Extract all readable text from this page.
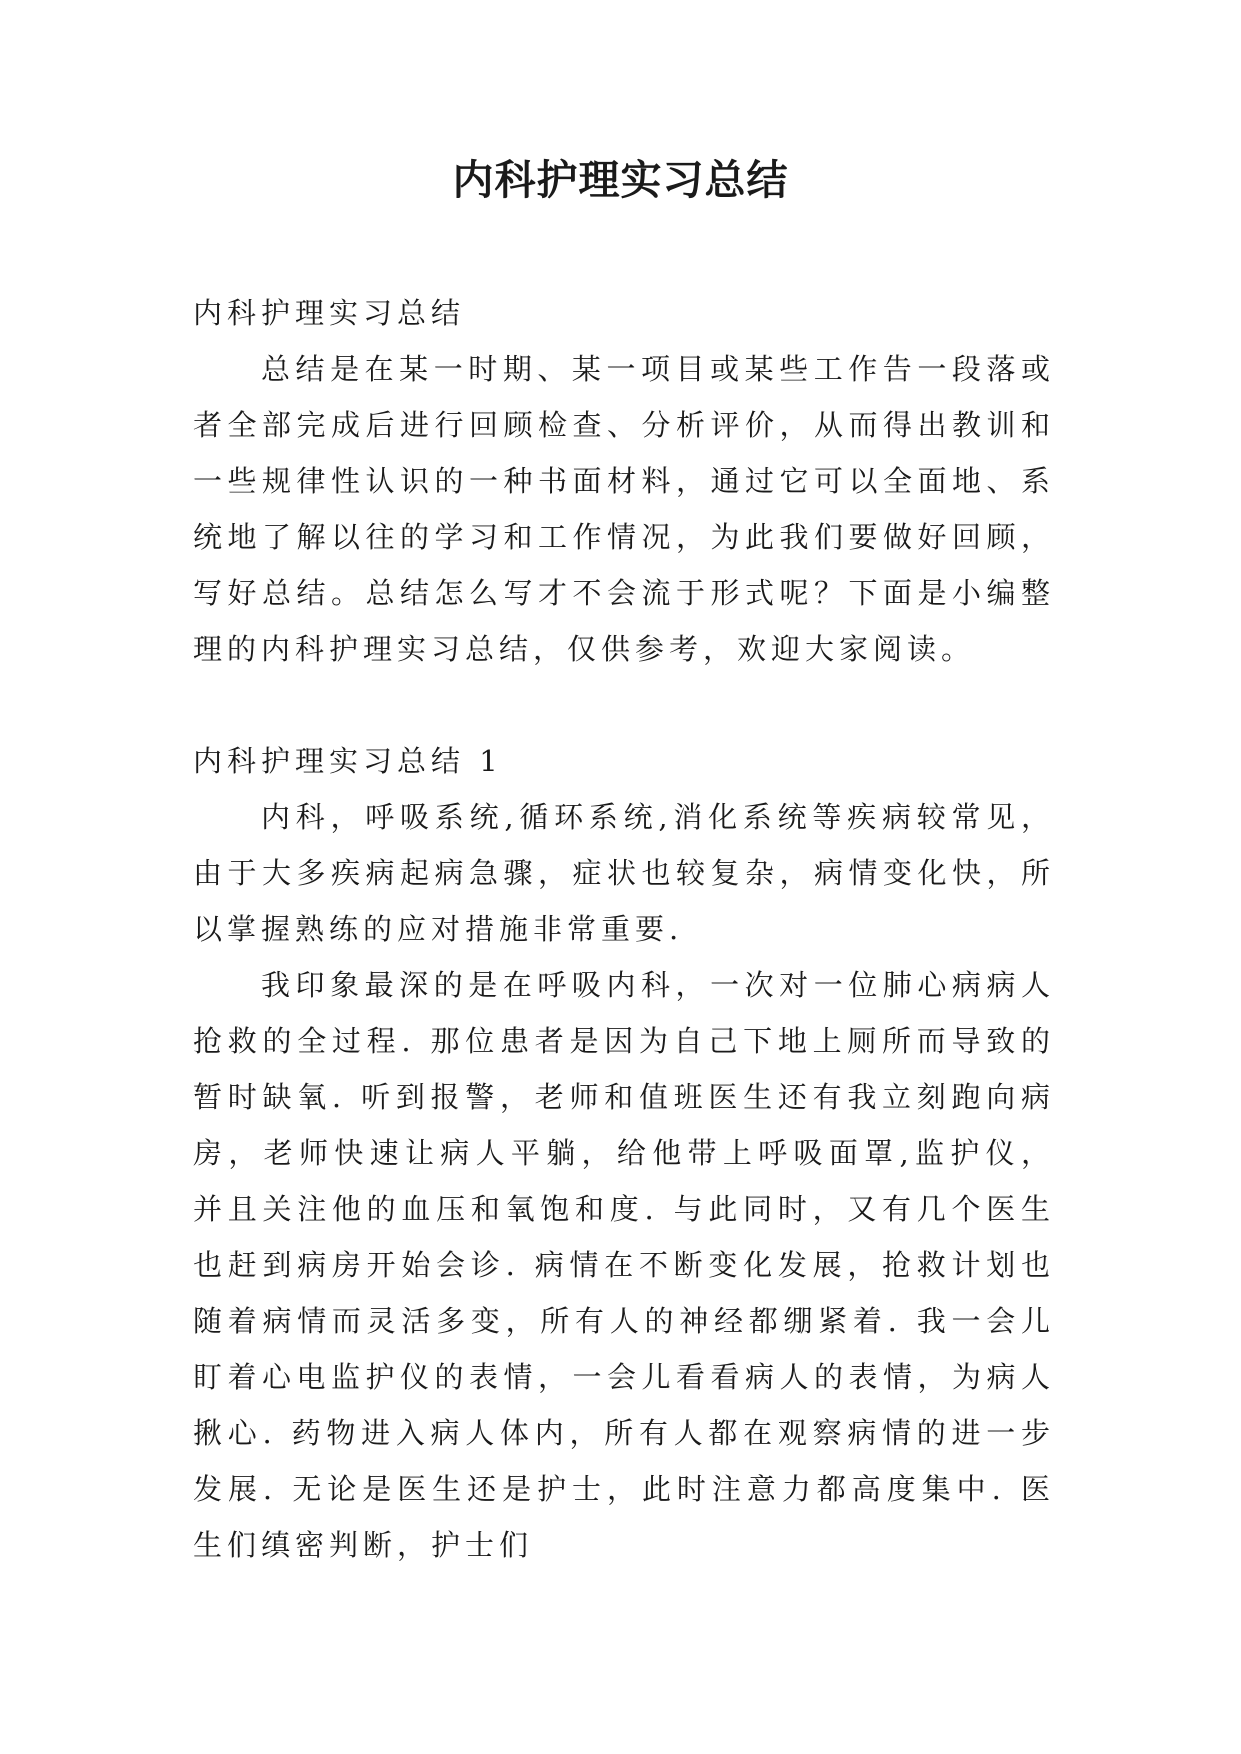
内科护理实习总结

内科护理实习总结

总结是在某一时期、某一项目或某些工作告一段落或者全部完成后进行回顾检查、分析评价，从而得出教训和一些规律性认识的一种书面材料，通过它可以全面地、系统地了解以往的学习和工作情况，为此我们要做好回顾，写好总结。总结怎么写才不会流于形式呢？下面是小编整理的内科护理实习总结，仅供参考，欢迎大家阅读。

内科护理实习总结 1

内科，呼吸系统,循环系统,消化系统等疾病较常见，由于大多疾病起病急骤，症状也较复杂，病情变化快，所以掌握熟练的应对措施非常重要.

我印象最深的是在呼吸内科，一次对一位肺心病病人抢救的全过程. 那位患者是因为自己下地上厕所而导致的暂时缺氧. 听到报警，老师和值班医生还有我立刻跑向病房，老师快速让病人平躺，给他带上呼吸面罩,监护仪，并且关注他的血压和氧饱和度. 与此同时，又有几个医生也赶到病房开始会诊. 病情在不断变化发展，抢救计划也随着病情而灵活多变，所有人的神经都绷紧着. 我一会儿盯着心电监护仪的表情，一会儿看看病人的表情，为病人揪心. 药物进入病人体内，所有人都在观察病情的进一步发展. 无论是医生还是护士，此时注意力都高度集中. 医生们缜密判断，护士们
